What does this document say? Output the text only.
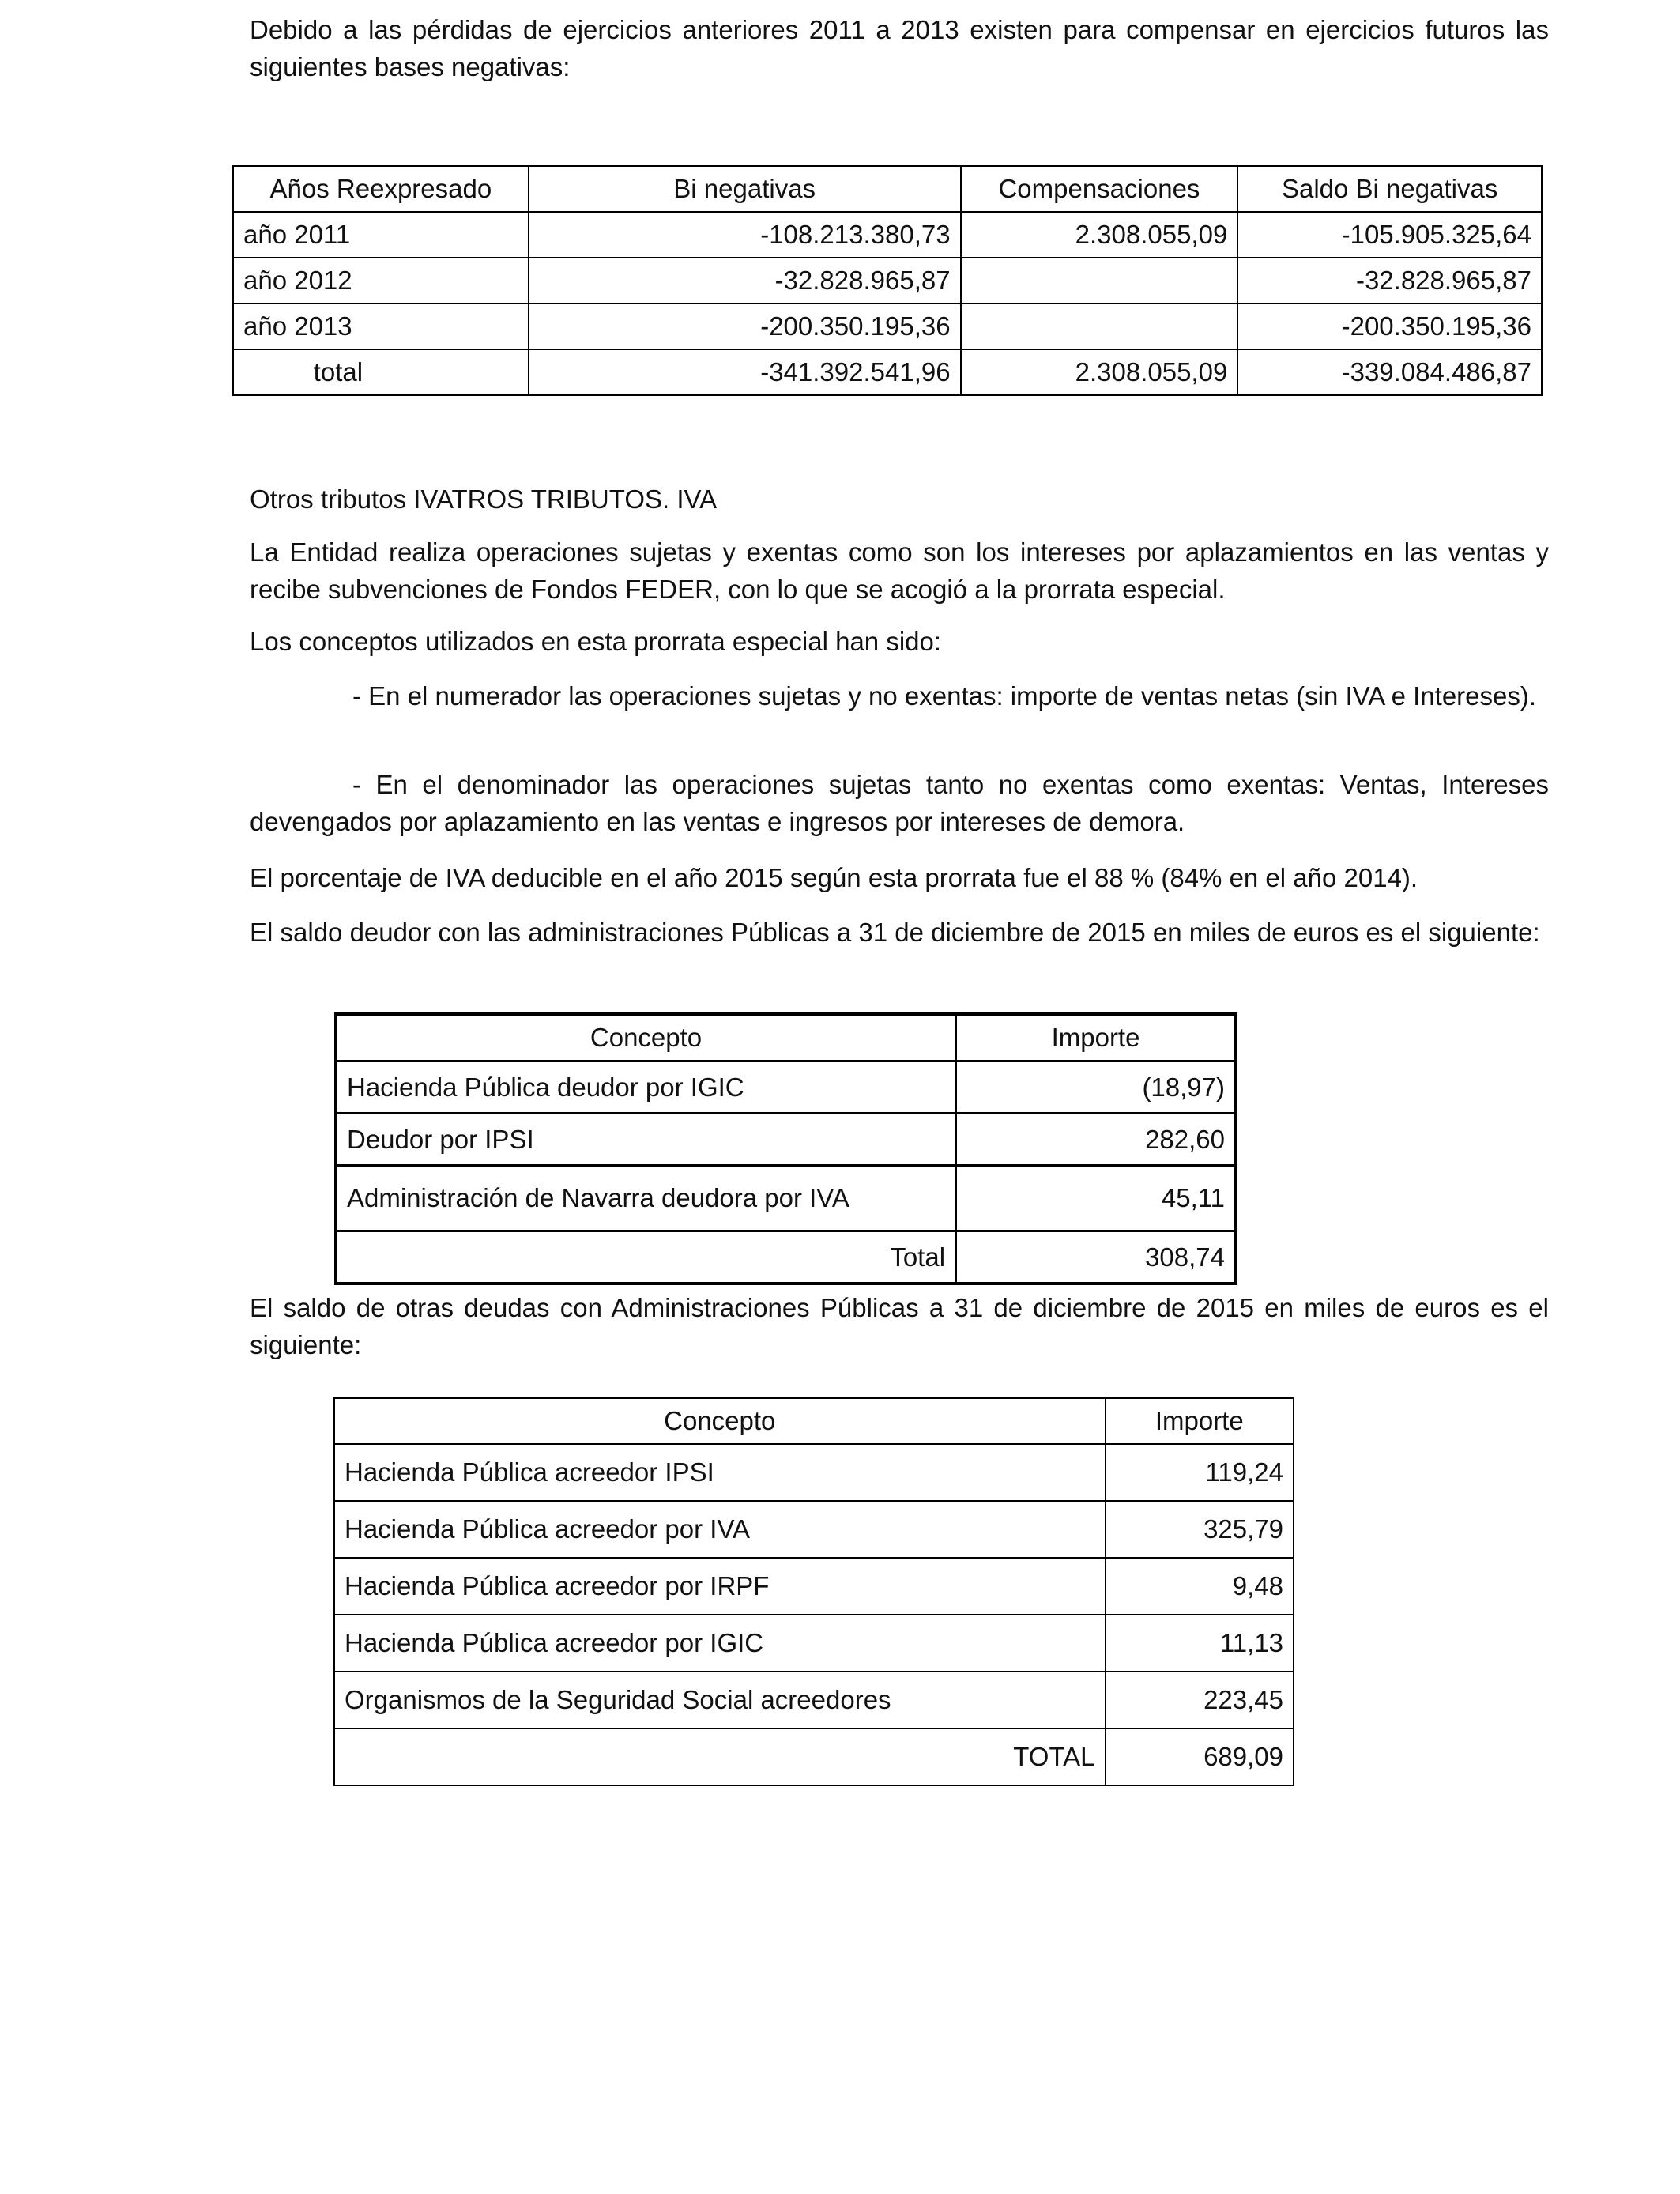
Debido a las pérdidas de ejercicios anteriores 2011 a 2013 existen para compensar en ejercicios futuros las siguientes bases negativas:

Años Reexpresado	Bi negativas	Compensaciones	Saldo Bi negativas
año 2011	-108.213.380,73	2.308.055,09	-105.905.325,64
año 2012	-32.828.965,87		-32.828.965,87
año 2013	-200.350.195,36		-200.350.195,36
total	-341.392.541,96	2.308.055,09	-339.084.486,87

Otros tributos IVATROS TRIBUTOS. IVA

La Entidad realiza operaciones sujetas y exentas como son los intereses por aplazamientos en las ventas y recibe subvenciones de Fondos FEDER, con lo que se acogió a la prorrata especial.

Los conceptos utilizados en esta prorrata especial han sido:

- En el numerador las operaciones sujetas y no exentas: importe de ventas netas (sin IVA e Intereses).

- En el denominador las operaciones sujetas tanto no exentas como exentas: Ventas, Intereses devengados por aplazamiento en las ventas e ingresos por intereses de demora.

El porcentaje de IVA deducible en el año 2015 según esta prorrata fue el 88 % (84% en el año 2014).

El saldo deudor con las administraciones Públicas a 31 de diciembre de 2015 en miles de euros es el siguiente:

Concepto	Importe
Hacienda Pública deudor por IGIC	(18,97)
Deudor por IPSI	282,60
Administración de Navarra deudora por IVA	45,11
Total	308,74

El saldo de otras deudas con Administraciones Públicas a 31 de diciembre de 2015 en miles de euros es el siguiente:

Concepto	Importe
Hacienda Pública acreedor IPSI	119,24
Hacienda Pública acreedor por IVA	325,79
Hacienda Pública acreedor por IRPF	9,48
Hacienda Pública acreedor por IGIC	11,13
Organismos de la Seguridad Social acreedores	223,45
TOTAL	689,09
